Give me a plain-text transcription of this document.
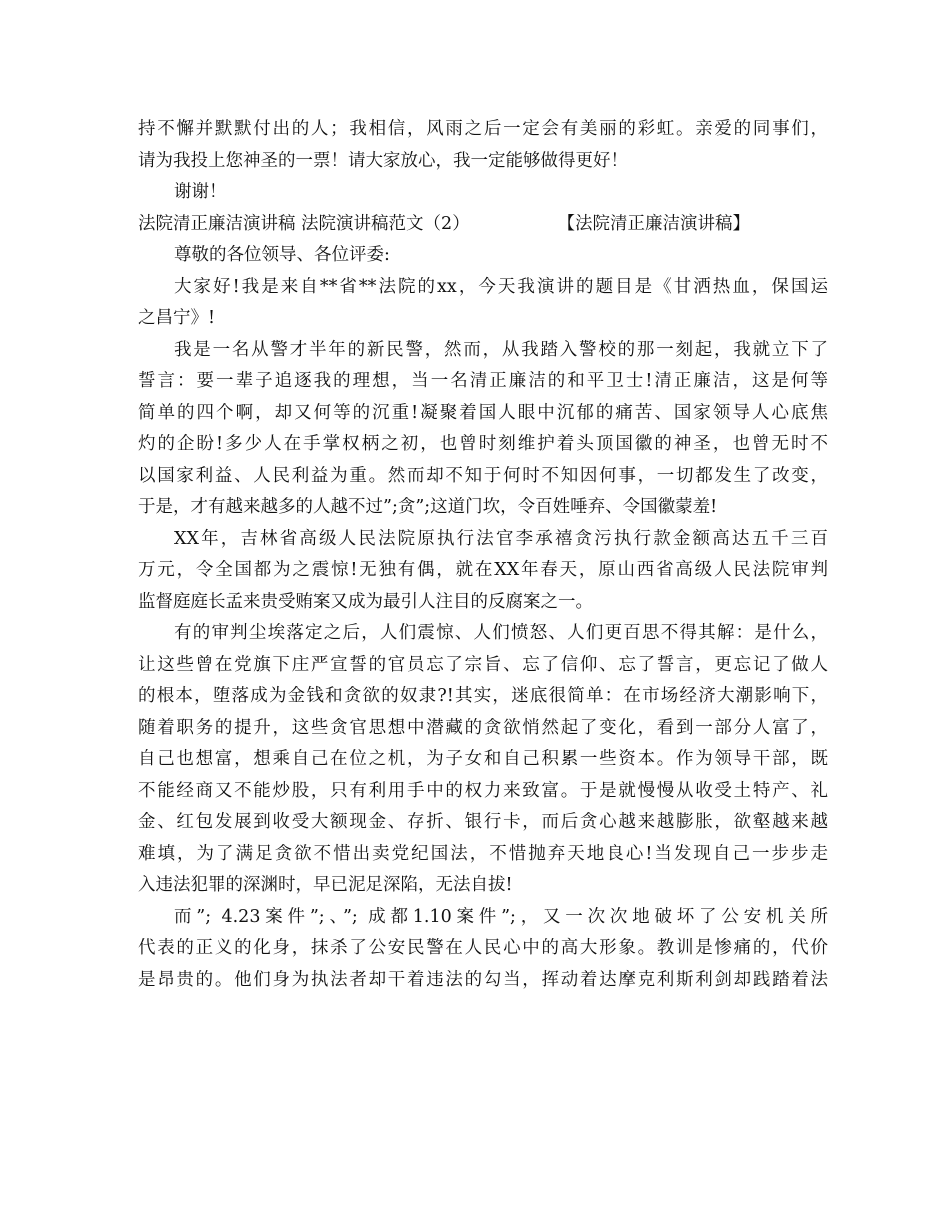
持不懈并默默付出的人；我相信，风雨之后一定会有美丽的彩虹。亲爱的同事们，
请为我投上您神圣的一票！请大家放心，我一定能够做得更好！
谢谢！
法院清正廉洁演讲稿 法院演讲稿范文（2）	【法院清正廉洁演讲稿】
尊敬的各位领导、各位评委:
大家好!我是来自**省**法院的xx，今天我演讲的题目是《甘洒热血，保国运
之昌宁》!
我是一名从警才半年的新民警，然而，从我踏入警校的那一刻起，我就立下了
誓言：要一辈子追逐我的理想，当一名清正廉洁的和平卫士!清正廉洁，这是何等
简单的四个啊，却又何等的沉重!凝聚着国人眼中沉郁的痛苦、国家领导人心底焦
灼的企盼!多少人在手掌权柄之初，也曾时刻维护着头顶国徽的神圣，也曾无时不
以国家利益、人民利益为重。然而却不知于何时不知因何事，一切都发生了改变，
于是，才有越来越多的人越不过”;贪”;这道门坎，令百姓唾弃、令国徽蒙羞!
XX年，吉林省高级人民法院原执行法官李承禧贪污执行款金额高达五千三百
万元，令全国都为之震惊!无独有偶，就在XX年春天，原山西省高级人民法院审判
监督庭庭长孟来贵受贿案又成为最引人注目的反腐案之一。
有的审判尘埃落定之后，人们震惊、人们愤怒、人们更百思不得其解：是什么，
让这些曾在党旗下庄严宣誓的官员忘了宗旨、忘了信仰、忘了誓言，更忘记了做人
的根本，堕落成为金钱和贪欲的奴隶?!其实，迷底很简单：在市场经济大潮影响下，
随着职务的提升，这些贪官思想中潜藏的贪欲悄然起了变化，看到一部分人富了，
自己也想富，想乘自己在位之机，为子女和自己积累一些资本。作为领导干部，既
不能经商又不能炒股，只有利用手中的权力来致富。于是就慢慢从收受土特产、礼
金、红包发展到收受大额现金、存折、银行卡，而后贪心越来越膨胀，欲壑越来越
难填，为了满足贪欲不惜出卖党纪国法，不惜抛弃天地良心!当发现自己一步步走
入违法犯罪的深渊时，早已泥足深陷，无法自拔!
而”; 4.23案件”;、”; 成都1.10案件”;，又一次次地破坏了公安机关所
代表的正义的化身，抹杀了公安民警在人民心中的高大形象。教训是惨痛的，代价
是昂贵的。他们身为执法者却干着违法的勾当，挥动着达摩克利斯利剑却践踏着法
